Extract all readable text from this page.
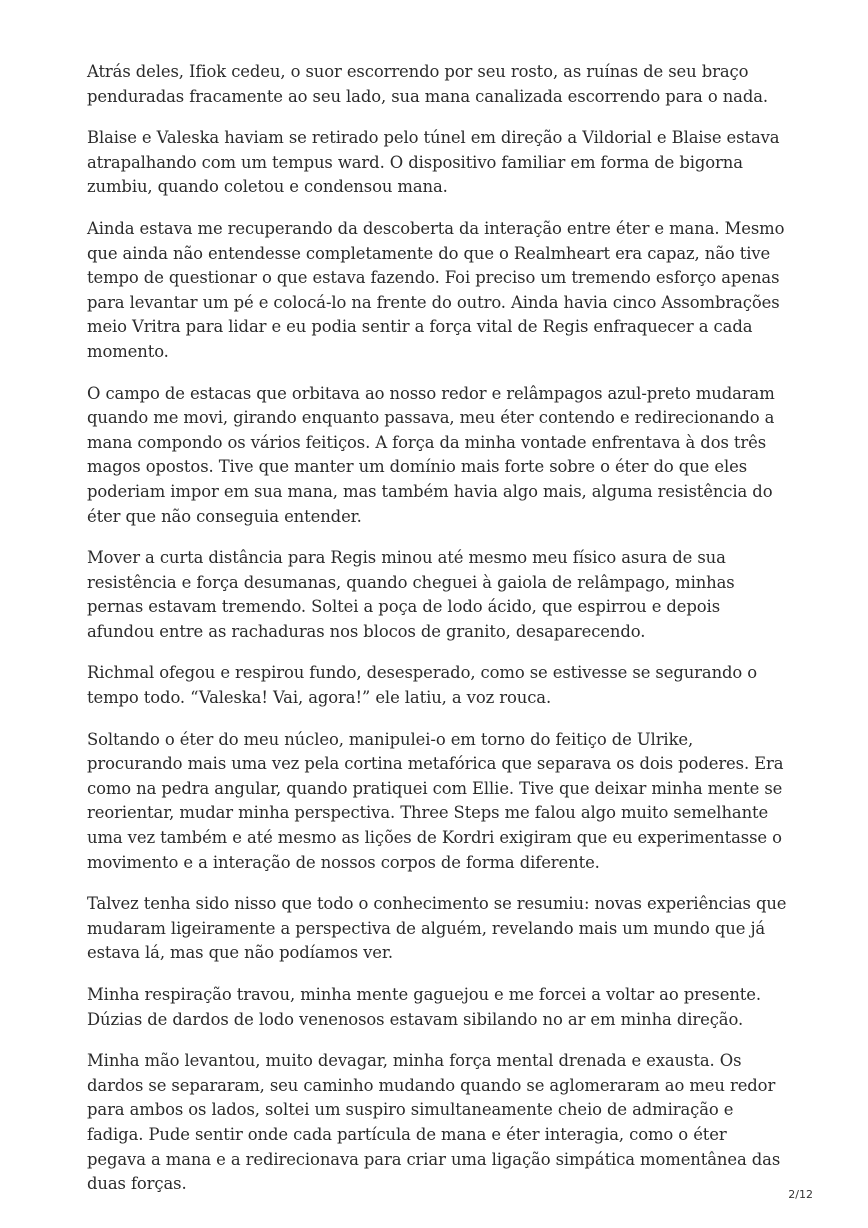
Atrás deles, Ifiok cedeu, o suor escorrendo por seu rosto, as ruínas de seu braço penduradas fracamente ao seu lado, sua mana canalizada escorrendo para o nada.

Blaise e Valeska haviam se retirado pelo túnel em direção a Vildorial e Blaise estava atrapalhando com um tempus ward. O dispositivo familiar em forma de bigorna zumbiu, quando coletou e condensou mana.

Ainda estava me recuperando da descoberta da interação entre éter e mana. Mesmo que ainda não entendesse completamente do que o Realmheart era capaz, não tive tempo de questionar o que estava fazendo. Foi preciso um tremendo esforço apenas para levantar um pé e colocá-lo na frente do outro. Ainda havia cinco Assombrações meio Vritra para lidar e eu podia sentir a força vital de Regis enfraquecer a cada momento.

O campo de estacas que orbitava ao nosso redor e relâmpagos azul-preto mudaram quando me movi, girando enquanto passava, meu éter contendo e redirecionando a mana compondo os vários feitiços. A força da minha vontade enfrentava à dos três magos opostos. Tive que manter um domínio mais forte sobre o éter do que eles poderiam impor em sua mana, mas também havia algo mais, alguma resistência do éter que não conseguia entender.

Mover a curta distância para Regis minou até mesmo meu físico asura de sua resistência e força desumanas, quando cheguei à gaiola de relâmpago, minhas pernas estavam tremendo. Soltei a poça de lodo ácido, que espirrou e depois afundou entre as rachaduras nos blocos de granito, desaparecendo.

Richmal ofegou e respirou fundo, desesperado, como se estivesse se segurando o tempo todo. “Valeska! Vai, agora!” ele latiu, a voz rouca.

Soltando o éter do meu núcleo, manipulei-o em torno do feitiço de Ulrike, procurando mais uma vez pela cortina metafórica que separava os dois poderes. Era como na pedra angular, quando pratiquei com Ellie. Tive que deixar minha mente se reorientar, mudar minha perspectiva. Three Steps me falou algo muito semelhante uma vez também e até mesmo as lições de Kordri exigiram que eu experimentasse o movimento e a interação de nossos corpos de forma diferente.

Talvez tenha sido nisso que todo o conhecimento se resumiu: novas experiências que mudaram ligeiramente a perspectiva de alguém, revelando mais um mundo que já estava lá, mas que não podíamos ver.

Minha respiração travou, minha mente gaguejou e me forcei a voltar ao presente. Dúzias de dardos de lodo venenosos estavam sibilando no ar em minha direção.

Minha mão levantou, muito devagar, minha força mental drenada e exausta. Os dardos se separaram, seu caminho mudando quando se aglomeraram ao meu redor para ambos os lados, soltei um suspiro simultaneamente cheio de admiração e fadiga. Pude sentir onde cada partícula de mana e éter interagia, como o éter pegava a mana e a redirecionava para criar uma ligação simpática momentânea das duas forças.

2/12
